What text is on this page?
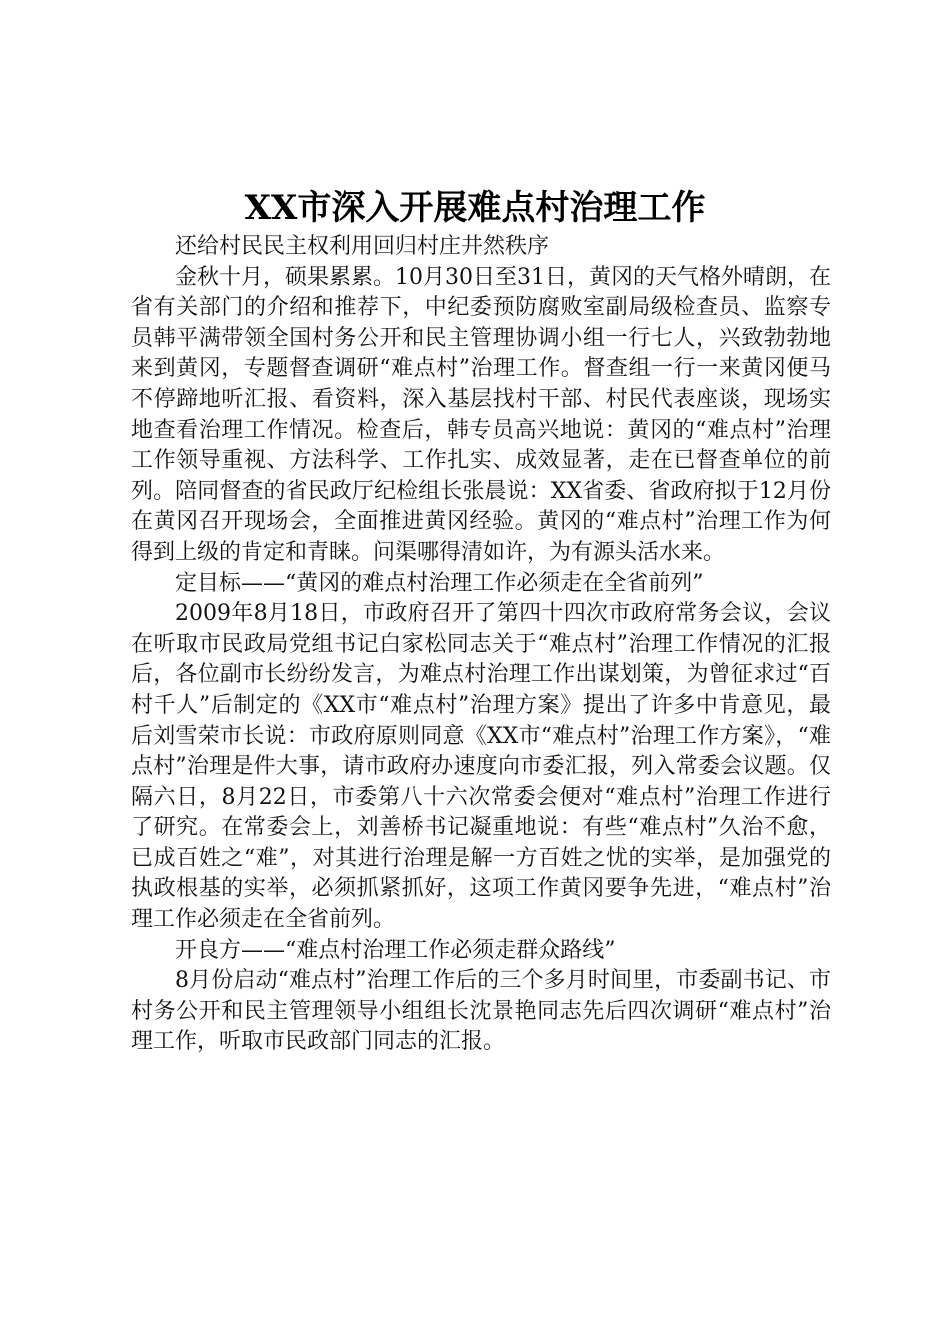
XX市深入开展难点村治理工作

还给村民民主权利用回归村庄井然秩序

金秋十月，硕果累累。10月30日至31日，黄冈的天气格外晴朗，在省有关部门的介绍和推荐下，中纪委预防腐败室副局级检查员、监察专员韩平满带领全国村务公开和民主管理协调小组一行七人，兴致勃勃地来到黄冈，专题督查调研“难点村”治理工作。督查组一行一来黄冈便马不停蹄地听汇报、看资料，深入基层找村干部、村民代表座谈，现场实地查看治理工作情况。检查后，韩专员高兴地说：黄冈的“难点村”治理工作领导重视、方法科学、工作扎实、成效显著，走在已督查单位的前列。陪同督查的省民政厅纪检组长张晨说：XX省委、省政府拟于12月份在黄冈召开现场会，全面推进黄冈经验。黄冈的“难点村”治理工作为何得到上级的肯定和青睐。问渠哪得清如许，为有源头活水来。

定目标——“黄冈的难点村治理工作必须走在全省前列”

2009年8月18日，市政府召开了第四十四次市政府常务会议，会议在听取市民政局党组书记白家松同志关于“难点村”治理工作情况的汇报后，各位副市长纷纷发言，为难点村治理工作出谋划策，为曾征求过“百村千人”后制定的《XX市“难点村”治理方案》提出了许多中肯意见，最后刘雪荣市长说：市政府原则同意《XX市“难点村”治理工作方案》，“难点村”治理是件大事，请市政府办速度向市委汇报，列入常委会议题。仅隔六日，8月22日，市委第八十六次常委会便对“难点村”治理工作进行了研究。在常委会上，刘善桥书记凝重地说：有些“难点村”久治不愈，已成百姓之“难”，对其进行治理是解一方百姓之忧的实举，是加强党的执政根基的实举，必须抓紧抓好，这项工作黄冈要争先进，“难点村”治理工作必须走在全省前列。

开良方——“难点村治理工作必须走群众路线”

8月份启动“难点村”治理工作后的三个多月时间里，市委副书记、市村务公开和民主管理领导小组组长沈景艳同志先后四次调研“难点村”治理工作，听取市民政部门同志的汇报。
